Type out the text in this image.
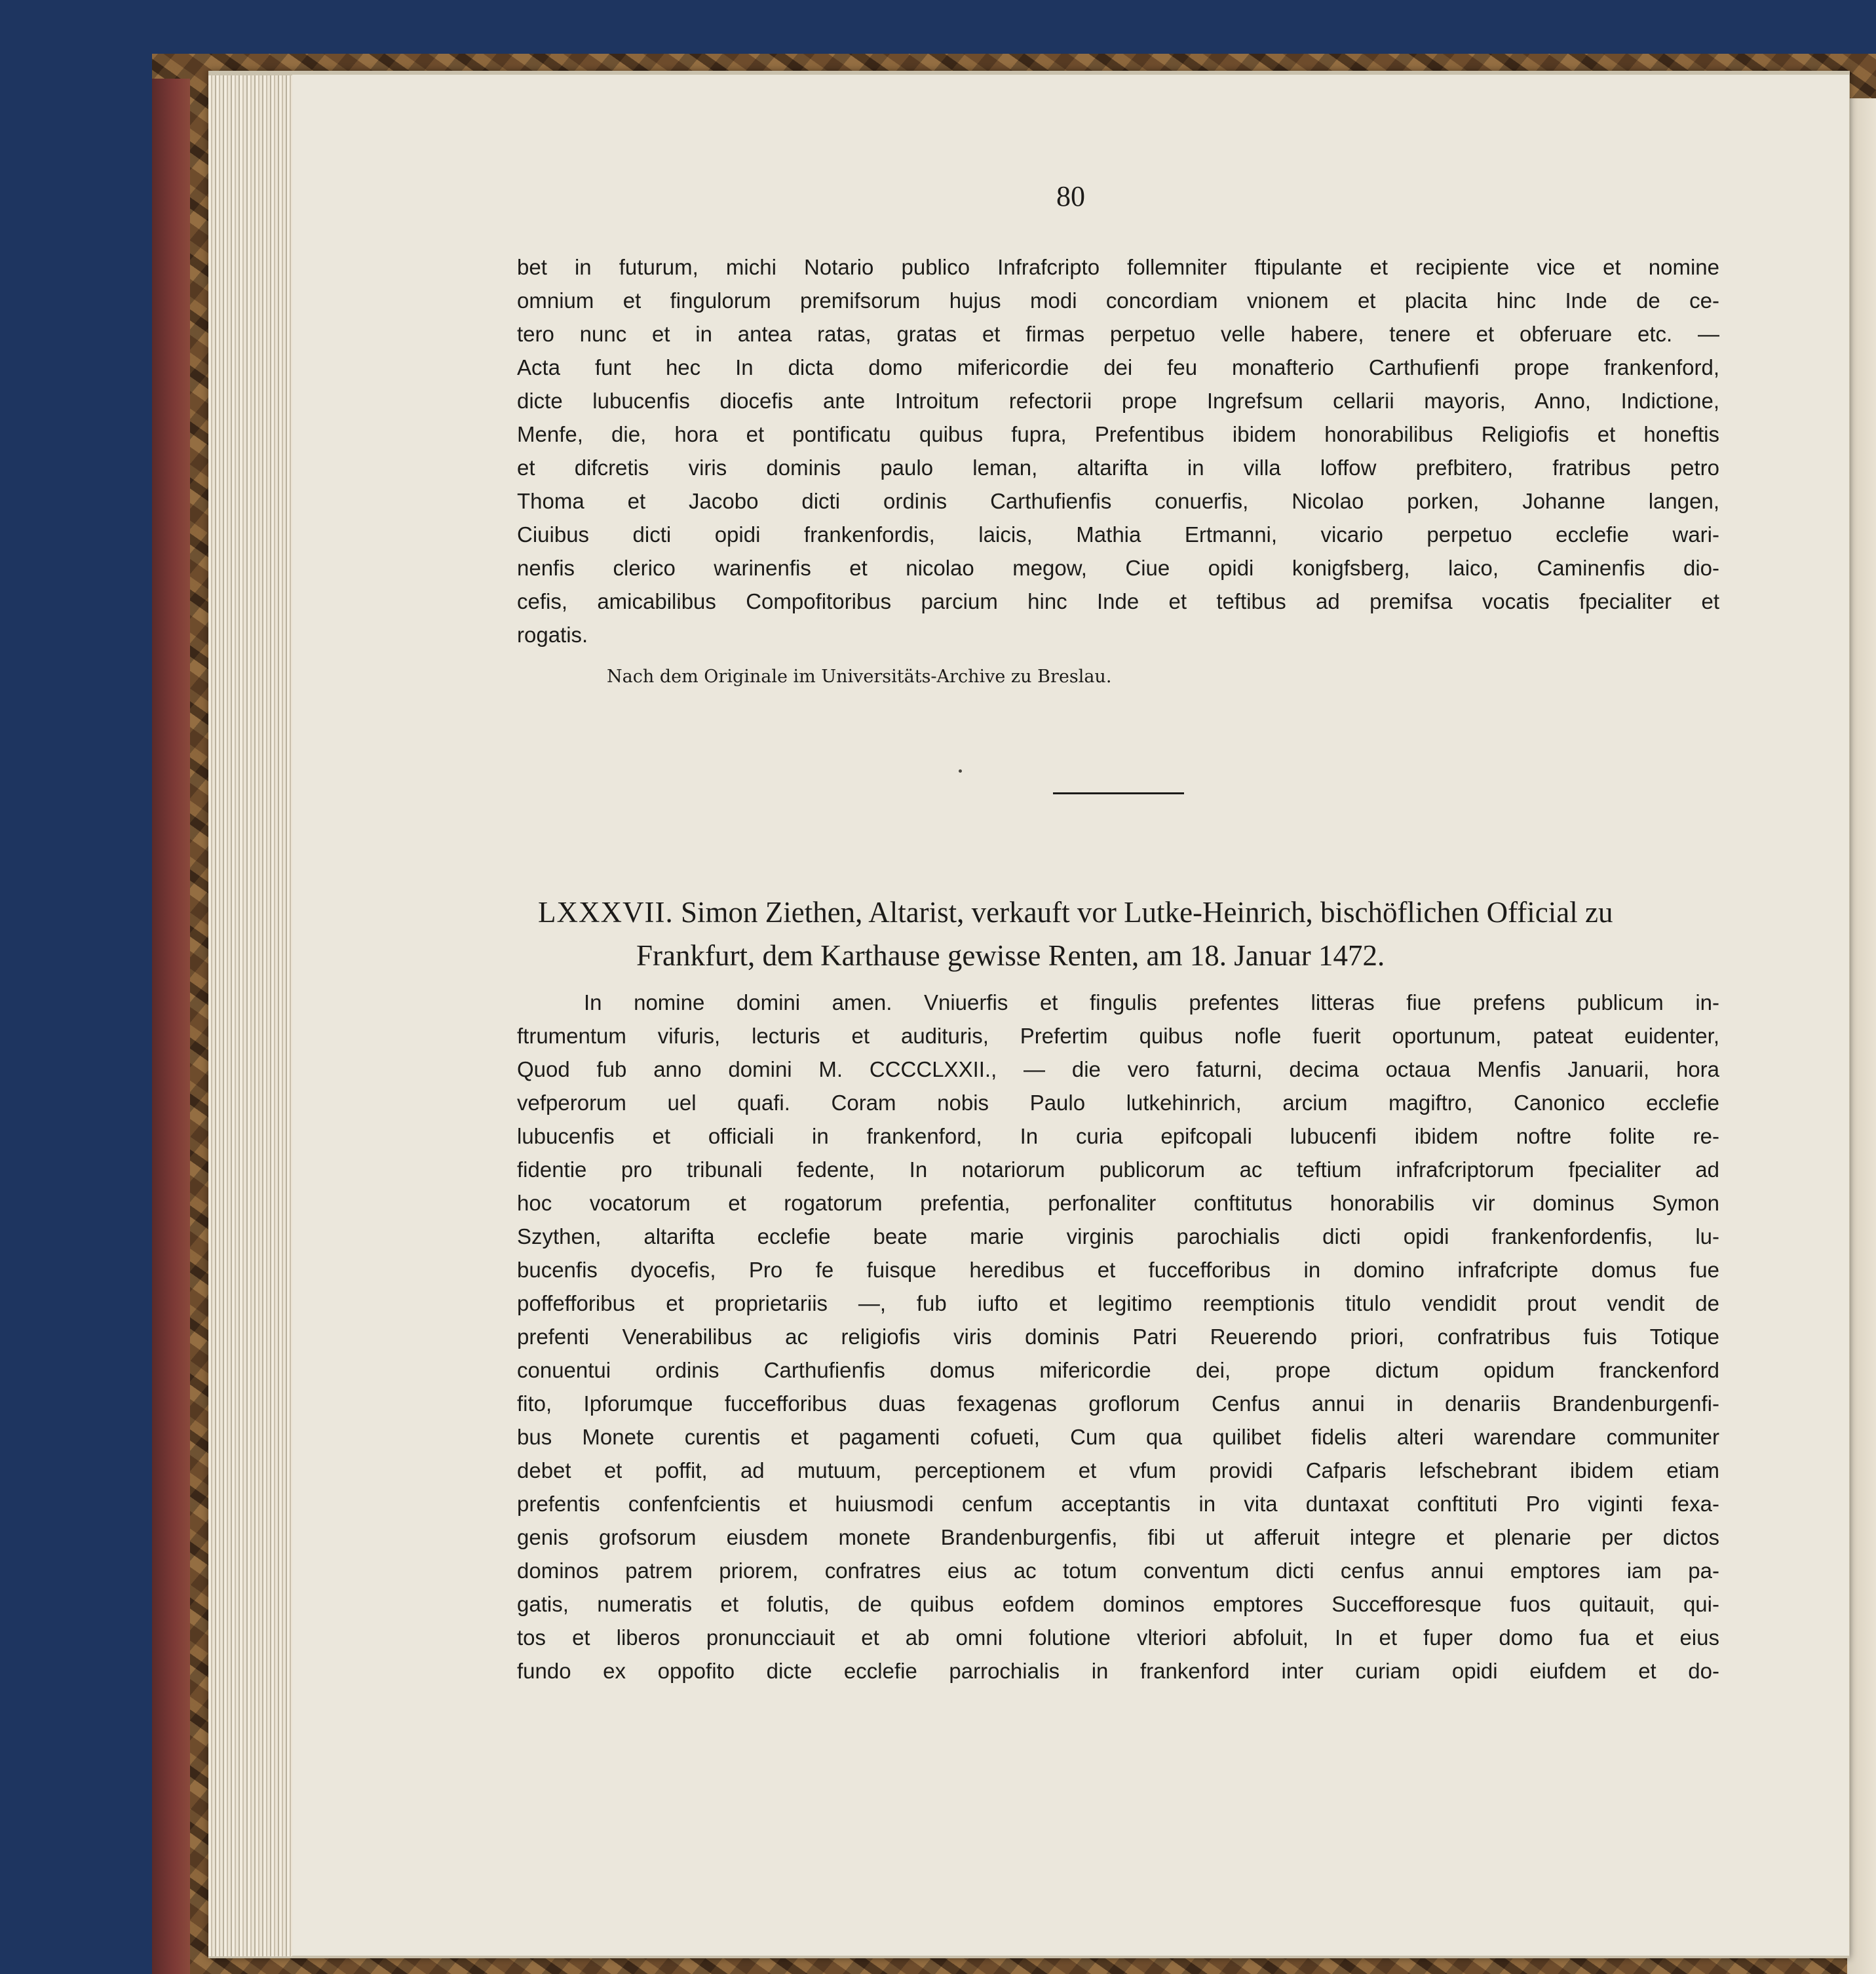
80

bet in futurum, michi Notario publico Infrafcripto follemniter ftipulante et recipiente vice et nomine

omnium et fingulorum premifsorum hujus modi concordiam vnionem et placita hinc Inde de ce-

tero nunc et in antea ratas, gratas et firmas perpetuo velle habere, tenere et obferuare etc. —

Acta funt hec In dicta domo mifericordie dei feu monafterio Carthufienfi prope frankenford,

dicte lubucenfis diocefis ante Introitum refectorii prope Ingrefsum cellarii mayoris, Anno, Indictione,

Menfe, die, hora et pontificatu quibus fupra, Prefentibus ibidem honorabilibus Religiofis et honeftis

et difcretis viris dominis paulo leman, altarifta in villa loffow prefbitero, fratribus petro

Thoma et Jacobo dicti ordinis Carthufienfis conuerfis, Nicolao porken, Johanne langen,

Ciuibus dicti opidi frankenfordis, laicis, Mathia Ertmanni, vicario perpetuo ecclefie wari-

nenfis clerico warinenfis et nicolao megow, Ciue opidi konigfsberg, laico, Caminenfis dio-

cefis, amicabilibus Compofitoribus parcium hinc Inde et teftibus ad premifsa vocatis fpecialiter et

rogatis.

Nach dem Originale im Universitäts-Archive zu Breslau.
LXXXVII. Simon Ziethen, Altarist, verkauft vor Lutke-Heinrich, bischöflichen Official zu
Frankfurt, dem Karthause gewisse Renten, am 18. Januar 1472.

In nomine domini amen. Vniuerfis et fingulis prefentes litteras fiue prefens publicum in-

ftrumentum vifuris, lecturis et audituris, Prefertim quibus nofle fuerit oportunum, pateat euidenter,

Quod fub anno domini M. CCCCLXXII., — die vero faturni, decima octaua Menfis Januarii, hora

vefperorum uel quafi. Coram nobis Paulo lutkehinrich, arcium magiftro, Canonico ecclefie

lubucenfis et officiali in frankenford, In curia epifcopali lubucenfi ibidem noftre folite re-

fidentie pro tribunali fedente, In notariorum publicorum ac teftium infrafcriptorum fpecialiter ad

hoc vocatorum et rogatorum prefentia, perfonaliter conftitutus honorabilis vir dominus Symon

Szythen, altarifta ecclefie beate marie virginis parochialis dicti opidi frankenfordenfis, lu-

bucenfis dyocefis, Pro fe fuisque heredibus et fuccefforibus in domino infrafcripte domus fue

poffefforibus et proprietariis —, fub iufto et legitimo reemptionis titulo vendidit prout vendit de

prefenti Venerabilibus ac religiofis viris dominis Patri Reuerendo priori, confratribus fuis Totique

conuentui ordinis Carthufienfis domus mifericordie dei, prope dictum opidum franckenford

fito, Ipforumque fuccefforibus duas fexagenas groflorum Cenfus annui in denariis Brandenburgenfi-

bus Monete curentis et pagamenti cofueti, Cum qua quilibet fidelis alteri warendare communiter

debet et poffit, ad mutuum, perceptionem et vfum providi Cafparis lefschebrant ibidem etiam

prefentis confenfcientis et huiusmodi cenfum acceptantis in vita duntaxat conftituti Pro viginti fexa-

genis grofsorum eiusdem monete Brandenburgenfis, fibi ut afferuit integre et plenarie per dictos

dominos patrem priorem, confratres eius ac totum conventum dicti cenfus annui emptores iam pa-

gatis, numeratis et folutis, de quibus eofdem dominos emptores Succefforesque fuos quitauit, qui-

tos et liberos pronuncciauit et ab omni folutione vlteriori abfoluit, In et fuper domo fua et eius

fundo ex oppofito dicte ecclefie parrochialis in frankenford inter curiam opidi eiufdem et do-
